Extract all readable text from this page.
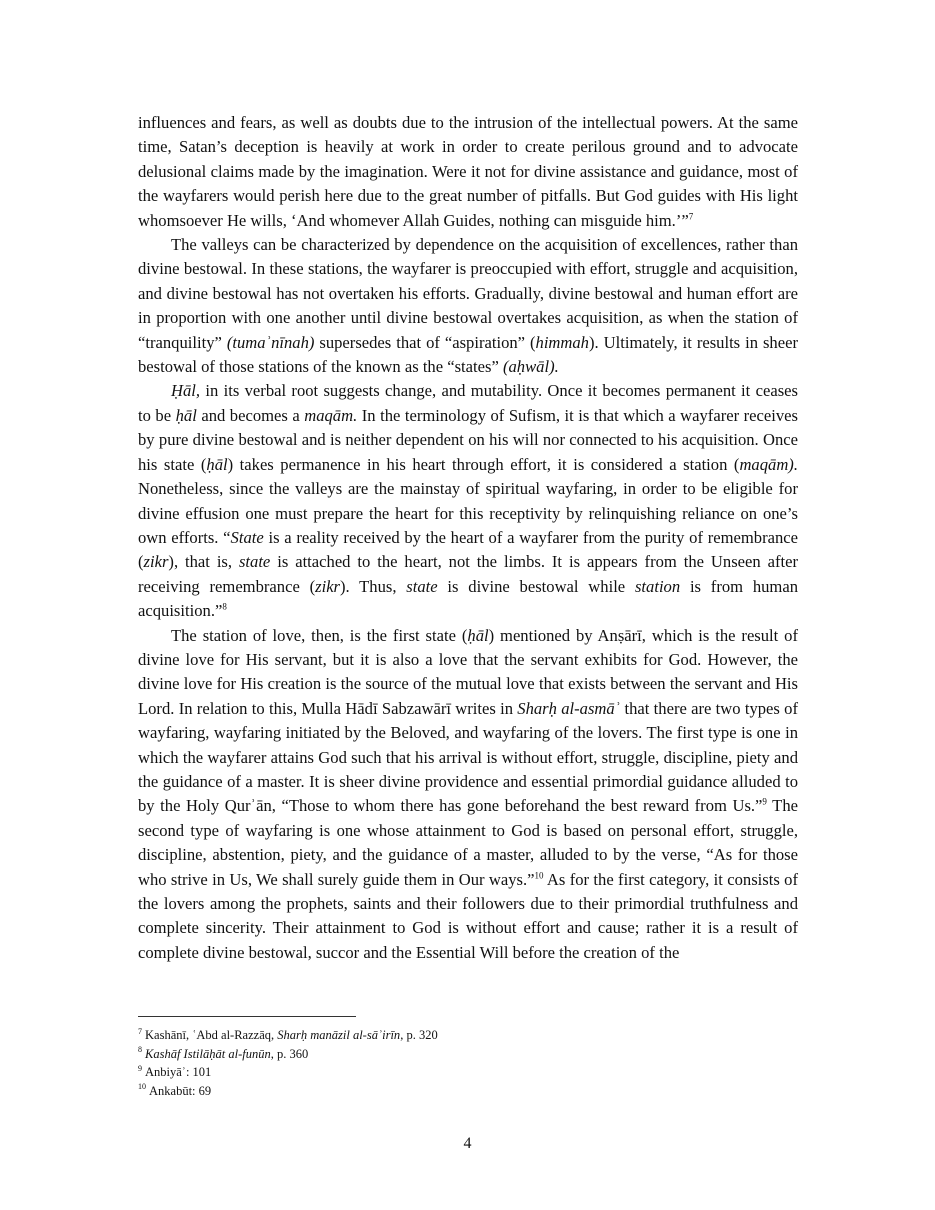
influences and fears, as well as doubts due to the intrusion of the intellectual powers. At the same time, Satan’s deception is heavily at work in order to create perilous ground and to advocate delusional claims made by the imagination. Were it not for divine assistance and guidance, most of the wayfarers would perish here due to the great number of pitfalls. But God guides with His light whomsoever He wills, ‘And whomever Allah Guides, nothing can misguide him.’”$^7$

The valleys can be characterized by dependence on the acquisition of excellences, rather than divine bestowal. In these stations, the wayfarer is preoccupied with effort, struggle and acquisition, and divine bestowal has not overtaken his efforts. Gradually, divine bestowal and human effort are in proportion with one another until divine bestowal overtakes acquisition, as when the station of “tranquility” (tumaʾnīnah) supersedes that of “aspiration” (himmah). Ultimately, it results in sheer bestowal of those stations of the known as the “states” (aḥwāl).

Ḥāl, in its verbal root suggests change, and mutability. Once it becomes permanent it ceases to be ḥāl and becomes a maqām. In the terminology of Sufism, it is that which a wayfarer receives by pure divine bestowal and is neither dependent on his will nor connected to his acquisition. Once his state (ḥāl) takes permanence in his heart through effort, it is considered a station (maqām). Nonetheless, since the valleys are the mainstay of spiritual wayfaring, in order to be eligible for divine effusion one must prepare the heart for this receptivity by relinquishing reliance on one’s own efforts. “State is a reality received by the heart of a wayfarer from the purity of remembrance (zikr), that is, state is attached to the heart, not the limbs. It is appears from the Unseen after receiving remembrance (zikr). Thus, state is divine bestowal while station is from human acquisition.”$^8$

The station of love, then, is the first state (ḥāl) mentioned by Anṣārī, which is the result of divine love for His servant, but it is also a love that the servant exhibits for God. However, the divine love for His creation is the source of the mutual love that exists between the servant and His Lord. In relation to this, Mulla Hādī Sabzawārī writes in Sharḥ al-asmāʾ that there are two types of wayfaring, wayfaring initiated by the Beloved, and wayfaring of the lovers. The first type is one in which the wayfarer attains God such that his arrival is without effort, struggle, discipline, piety and the guidance of a master. It is sheer divine providence and essential primordial guidance alluded to by the Holy Qurʾān, “Those to whom there has gone beforehand the best reward from Us.”$^9$ The second type of wayfaring is one whose attainment to God is based on personal effort, struggle, discipline, abstention, piety, and the guidance of a master, alluded to by the verse, “As for those who strive in Us, We shall surely guide them in Our ways.”$^{10}$ As for the first category, it consists of the lovers among the prophets, saints and their followers due to their primordial truthfulness and complete sincerity. Their attainment to God is without effort and cause; rather it is a result of complete divine bestowal, succor and the Essential Will before the creation of the

$^7$ Kashānī, ʿAbd al-Razzāq, Sharḥ manāzil al-sāʾirīn, p. 320
$^8$ Kashāf Istilāḥāt al-funūn, p. 360
$^9$ Anbiyāʾ: 101
$^{10}$ Ankabūt: 69
4
